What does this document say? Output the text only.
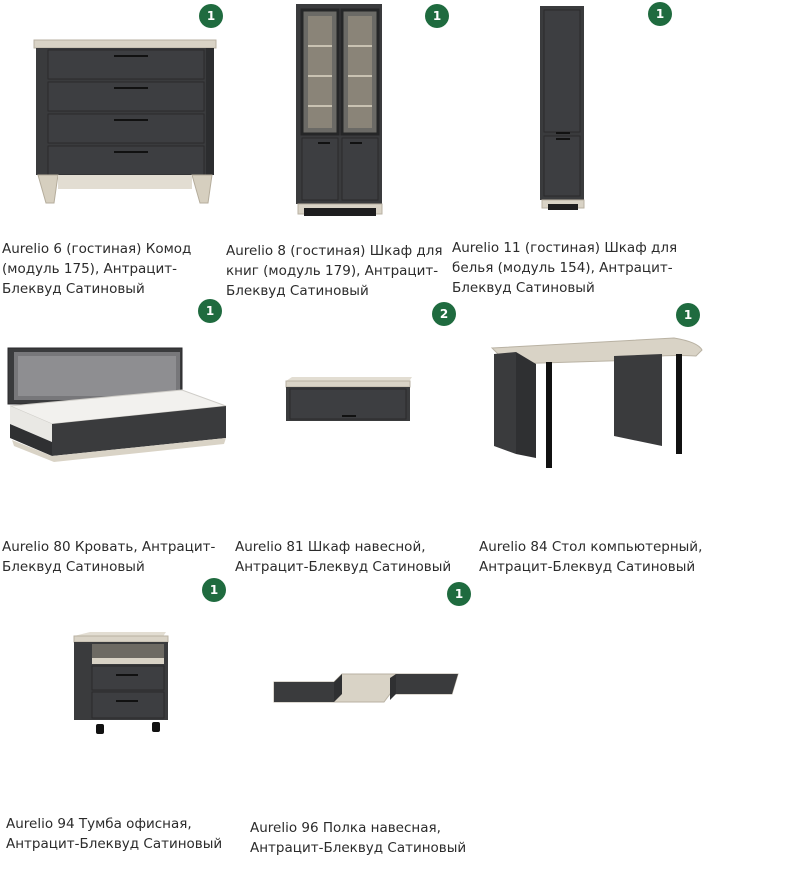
1

Aurelio 6 (гостиная) Комод
(модуль 175), Антрацит-
Блеквуд Сатиновый

1

Aurelio 8 (гостиная) Шкаф для
книг (модуль 179), Антрацит-
Блеквуд Сатиновый

1

Aurelio 11 (гостиная) Шкаф для
белья (модуль 154), Антрацит-
Блеквуд Сатиновый

1

Aurelio 80 Кровать, Антрацит-
Блеквуд Сатиновый

2

Aurelio 81 Шкаф навесной,
Антрацит-Блеквуд Сатиновый

1

Aurelio 84 Стол компьютерный,
Антрацит-Блеквуд Сатиновый

1

Aurelio 94 Тумба офисная,
Антрацит-Блеквуд Сатиновый

1

Aurelio 96 Полка навесная,
Антрацит-Блеквуд Сатиновый
